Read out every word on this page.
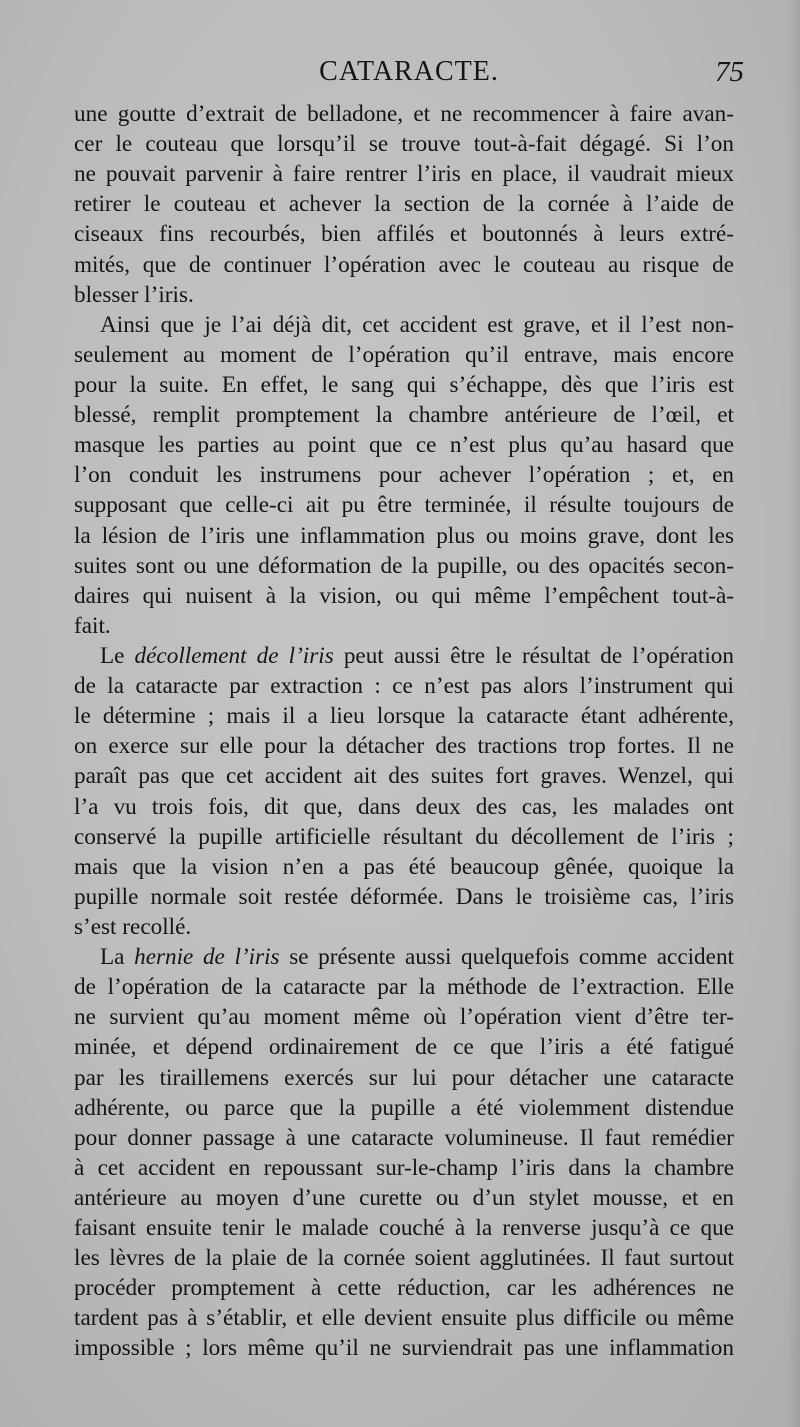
CATARACTE.	75
une goutte d’extrait de belladone, et ne recommencer à faire avan-
cer le couteau que lorsqu’il se trouve tout-à-fait dégagé. Si l’on
ne pouvait parvenir à faire rentrer l’iris en place, il vaudrait mieux
retirer le couteau et achever la section de la cornée à l’aide de
ciseaux fins recourbés, bien affilés et boutonnés à leurs extré-
mités, que de continuer l’opération avec le couteau au risque de
blesser l’iris.
Ainsi que je l’ai déjà dit, cet accident est grave, et il l’est non-
seulement au moment de l’opération qu’il entrave, mais encore
pour la suite. En effet, le sang qui s’échappe, dès que l’iris est
blessé, remplit promptement la chambre antérieure de l’œil, et
masque les parties au point que ce n’est plus qu’au hasard que
l’on conduit les instrumens pour achever l’opération ; et, en
supposant que celle-ci ait pu être terminée, il résulte toujours de
la lésion de l’iris une inflammation plus ou moins grave, dont les
suites sont ou une déformation de la pupille, ou des opacités secon-
daires qui nuisent à la vision, ou qui même l’empêchent tout-à-
fait.
Le décollement de l’iris peut aussi être le résultat de l’opération
de la cataracte par extraction : ce n’est pas alors l’instrument qui
le détermine ; mais il a lieu lorsque la cataracte étant adhérente,
on exerce sur elle pour la détacher des tractions trop fortes. Il ne
paraît pas que cet accident ait des suites fort graves. Wenzel, qui
l’a vu trois fois, dit que, dans deux des cas, les malades ont
conservé la pupille artificielle résultant du décollement de l’iris ;
mais que la vision n’en a pas été beaucoup gênée, quoique la
pupille normale soit restée déformée. Dans le troisième cas, l’iris
s’est recollé.
La hernie de l’iris se présente aussi quelquefois comme accident
de l’opération de la cataracte par la méthode de l’extraction. Elle
ne survient qu’au moment même où l’opération vient d’être ter-
minée, et dépend ordinairement de ce que l’iris a été fatigué
par les tiraillemens exercés sur lui pour détacher une cataracte
adhérente, ou parce que la pupille a été violemment distendue
pour donner passage à une cataracte volumineuse. Il faut remédier
à cet accident en repoussant sur-le-champ l’iris dans la chambre
antérieure au moyen d’une curette ou d’un stylet mousse, et en
faisant ensuite tenir le malade couché à la renverse jusqu’à ce que
les lèvres de la plaie de la cornée soient agglutinées. Il faut surtout
procéder promptement à cette réduction, car les adhérences ne
tardent pas à s’établir, et elle devient ensuite plus difficile ou même
impossible ; lors même qu’il ne surviendrait pas une inflammation
